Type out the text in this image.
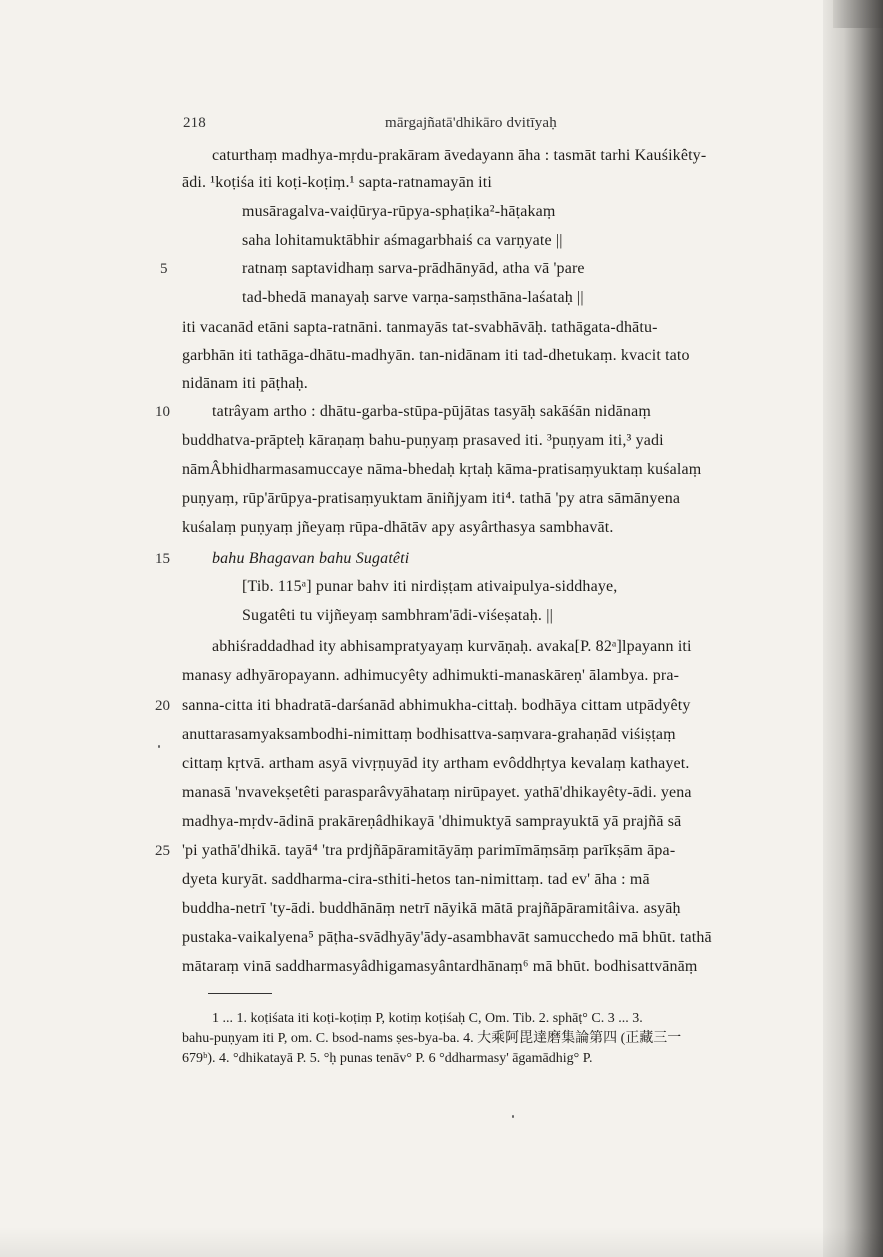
218	mārgajñatā'dhikāro dvitīyaḥ
5
10
15
20
25
caturthaṃ madhya-mṛdu-prakāram āvedayann āha : tasmāt tarhi Kauśikêty-
ādi. ¹koṭiśa iti koṭi-koṭiṃ.¹ sapta-ratnamayān iti
musāragalva-vaiḍūrya-rūpya-sphaṭika²-hāṭakaṃ
saha lohitamuktābhir aśmagarbhaiś ca varṇyate ||
ratnaṃ saptavidhaṃ sarva-prādhānyād, atha vā 'pare
tad-bhedā manayaḥ sarve varṇa-saṃsthāna-laśataḥ ||
iti vacanād etāni sapta-ratnāni. tanmayās tat-svabhāvāḥ. tathāgata-dhātu-
garbhān iti tathāga-dhātu-madhyān. tan-nidānam iti tad-dhetukaṃ. kvacit tato
nidānam iti pāṭhaḥ.
tatrâyam artho : dhātu-garba-stūpa-pūjātas tasyāḥ sakāśān nidānaṃ
buddhatva-prāpteḥ kāraṇaṃ bahu-puṇyaṃ prasaved iti. ³puṇyam iti,³ yadi
nāmÂbhidharmasamuccaye nāma-bhedaḥ kṛtaḥ kāma-pratisaṃyuktaṃ kuśalaṃ
puṇyaṃ, rūp'ārūpya-pratisaṃyuktam āniñjyam iti⁴. tathā 'py atra sāmānyena
kuśalaṃ puṇyaṃ jñeyaṃ rūpa-dhātāv apy asyârthasya sambhavāt.
bahu Bhagavan bahu Sugatêti
[Tib. 115ᵃ] punar bahv iti nirdiṣṭam ativaipulya-siddhaye,
Sugatêti tu vijñeyaṃ sambhram'ādi-viśeṣataḥ. ||
abhiśraddadhad ity abhisampratyayaṃ kurvāṇaḥ. avaka[P. 82ᵃ]lpayann iti
manasy adhyāropayann. adhimucyêty adhimukti-manaskāreṇ' ālambya. pra-
sanna-citta iti bhadratā-darśanād abhimukha-cittaḥ. bodhāya cittam utpādyêty
anuttarasamyaksambodhi-nimittaṃ bodhisattva-saṃvara-grahaṇād viśiṣṭaṃ
cittaṃ kṛtvā. artham asyā vivṛṇuyād ity artham evôddhṛtya kevalaṃ kathayet.
manasā 'nvavekṣetêti parasparâvyāhataṃ nirūpayet. yathā'dhikayêty-ādi. yena
madhya-mṛdv-ādinā prakāreṇâdhikayā 'dhimuktyā samprayuktā yā prajñā sā
'pi yathā'dhikā. tayā⁴ 'tra prdjñāpāramitāyāṃ parimīmāṃsāṃ parīkṣām āpa-
dyeta kuryāt. saddharma-cira-sthiti-hetos tan-nimittaṃ. tad ev' āha : mā
buddha-netrī 'ty-ādi. buddhānāṃ netrī nāyikā mātā prajñāpāramitâiva. asyāḥ
pustaka-vaikalyena⁵ pāṭha-svādhyāy'ādy-asambhavāt samucchedo mā bhūt. tathā
mātaraṃ vinā saddharmasyâdhigamasyântardhānaṃ⁶ mā bhūt. bodhisattvānāṃ
1 ... 1. koṭiśata iti koṭi-koṭiṃ P, kotiṃ koṭiśaḥ C, Om. Tib. 2. sphāṭ° C. 3 ... 3.
bahu-puṇyam iti P, om. C. bsod-nams ṣes-bya-ba. 4. 大乘阿毘達磨集論第四 (正藏三一
679ᵇ). 4. °dhikatayā P. 5. °ḥ punas tenāv° P. 6 °ddharmasy' āgamādhig° P.
